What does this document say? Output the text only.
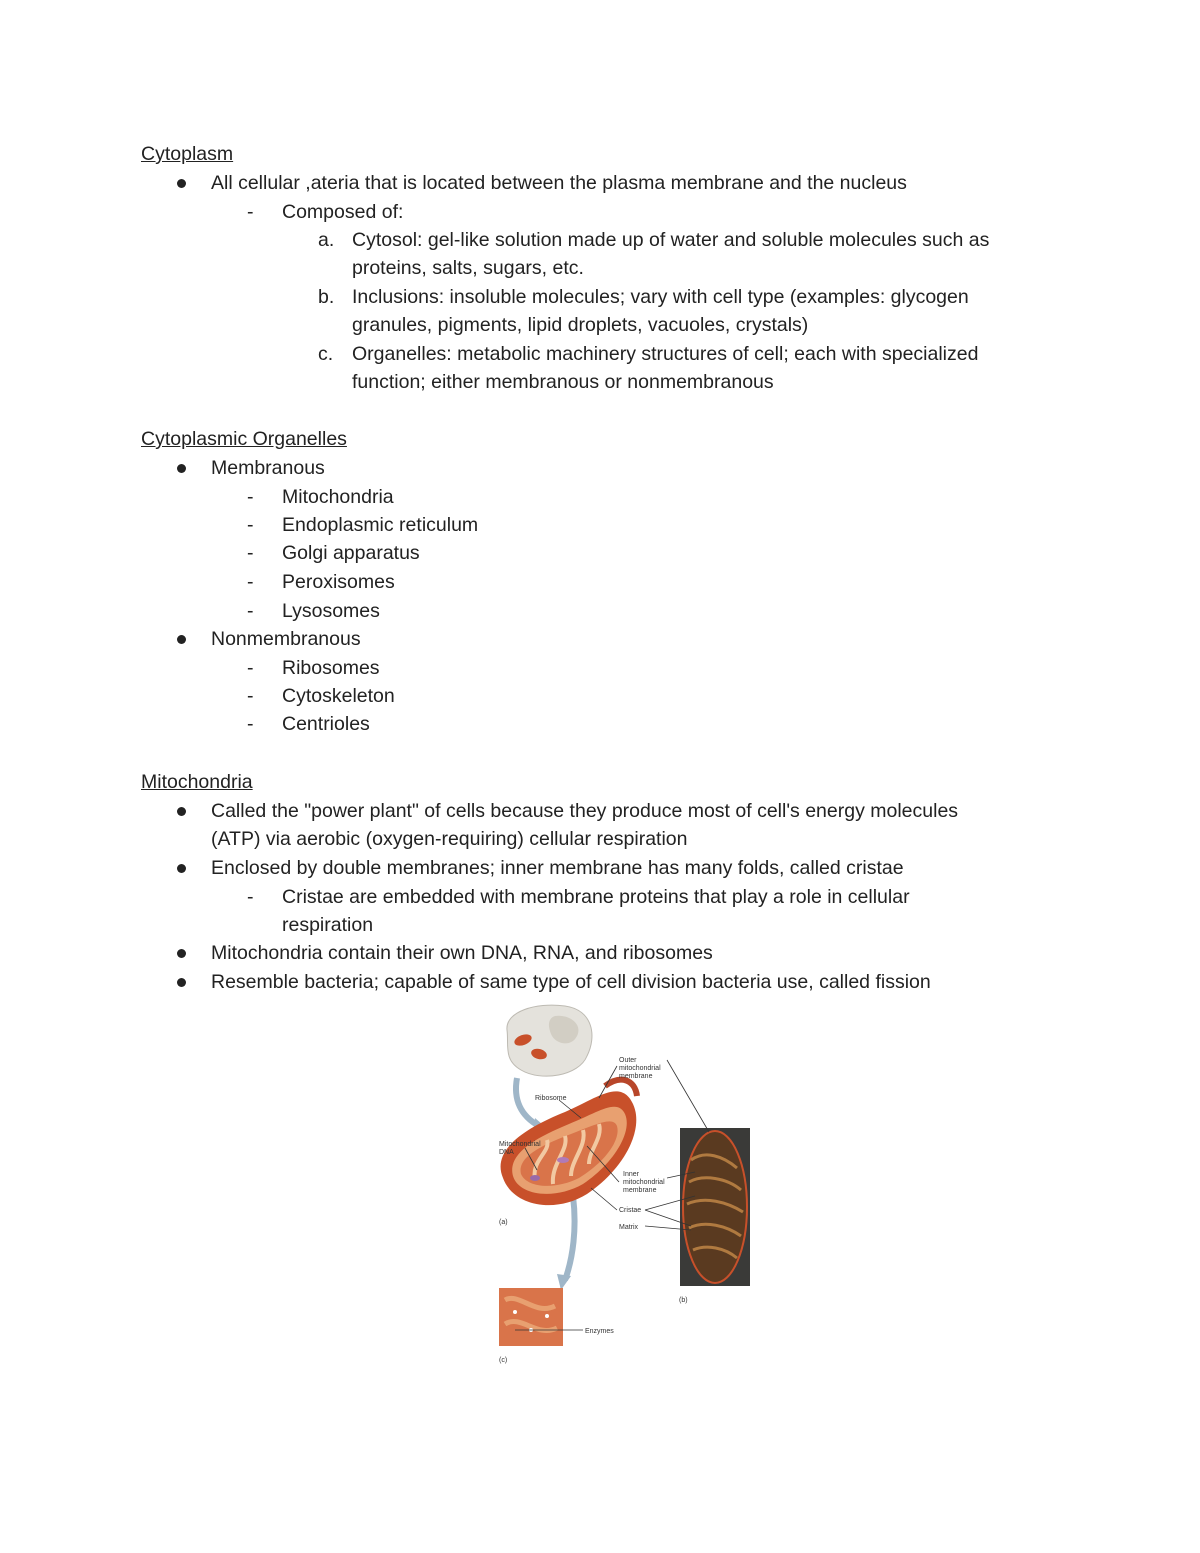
Cytoplasm
All cellular ,ateria that is located between the plasma membrane and the nucleus
- Composed of:
a. Cytosol: gel-like solution made up of water and soluble molecules such as
proteins, salts, sugars, etc.
b. Inclusions: insoluble molecules; vary with cell type (examples: glycogen
granules, pigments, lipid droplets, vacuoles, crystals)
c. Organelles: metabolic machinery structures of cell; each with specialized
function; either membranous or nonmembranous
Cytoplasmic Organelles
Membranous
- Mitochondria
- Endoplasmic reticulum
- Golgi apparatus
- Peroxisomes
- Lysosomes
Nonmembranous
- Ribosomes
- Cytoskeleton
- Centrioles
Mitochondria
Called the "power plant" of cells because they produce most of cell's energy molecules
(ATP) via aerobic (oxygen-requiring) cellular respiration
Enclosed by double membranes; inner membrane has many folds, called cristae
- Cristae are embedded with membrane proteins that play a role in cellular
respiration
Mitochondria contain their own DNA, RNA, and ribosomes
Resemble bacteria; capable of same type of cell division bacteria use, called fission
Outer
mitochondrial
membrane
Ribosome
Mitochondrial
DNA
Inner
mitochondrial
membrane
Cristae
Matrix
Enzymes
(a)
(b)
(c)
